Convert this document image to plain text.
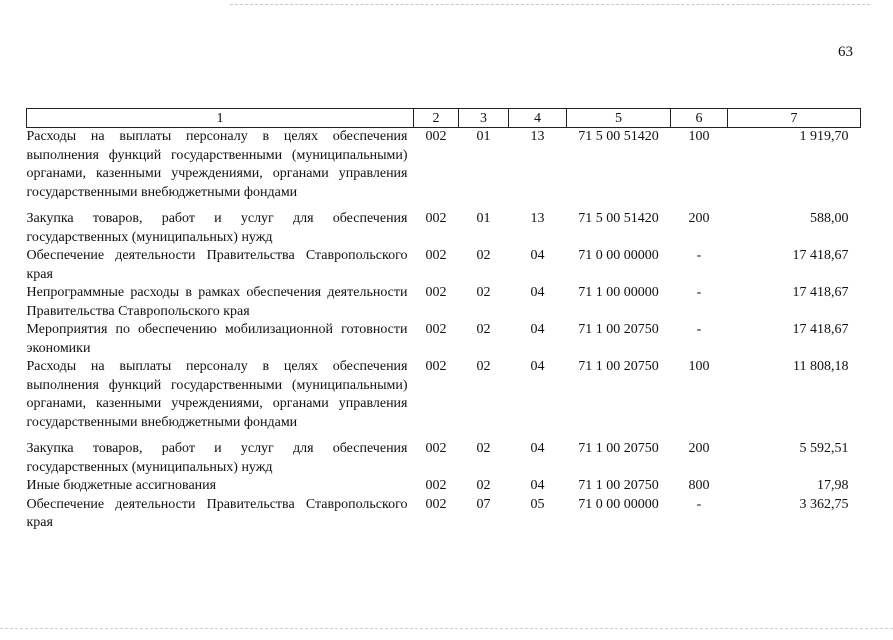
63
1	2	3	4	5	6	7
Расходы на выплаты персоналу в целях обеспечения выполнения функций государственными (муниципальными) органами, казенными учреждениями, органами управления государственными внебюджетными фондами	002	01	13	71 5 00 51420	100	1 919,70
Закупка товаров, работ и услуг для обеспечения государственных (муниципальных) нужд	002	01	13	71 5 00 51420	200	588,00
Обеспечение деятельности Правительства Ставропольского края	002	02	04	71 0 00 00000	-	17 418,67
Непрограммные расходы в рамках обеспечения деятельности Правительства Ставропольского края	002	02	04	71 1 00 00000	-	17 418,67
Мероприятия по обеспечению мобилизационной готовности экономики	002	02	04	71 1 00 20750	-	17 418,67
Расходы на выплаты персоналу в целях обеспечения выполнения функций государственными (муниципальными) органами, казенными учреждениями, органами управления государственными внебюджетными фондами	002	02	04	71 1 00 20750	100	11 808,18
Закупка товаров, работ и услуг для обеспечения государственных (муниципальных) нужд	002	02	04	71 1 00 20750	200	5 592,51
Иные бюджетные ассигнования	002	02	04	71 1 00 20750	800	17,98
Обеспечение деятельности Правительства Ставропольского края	002	07	05	71 0 00 00000	-	3 362,75
